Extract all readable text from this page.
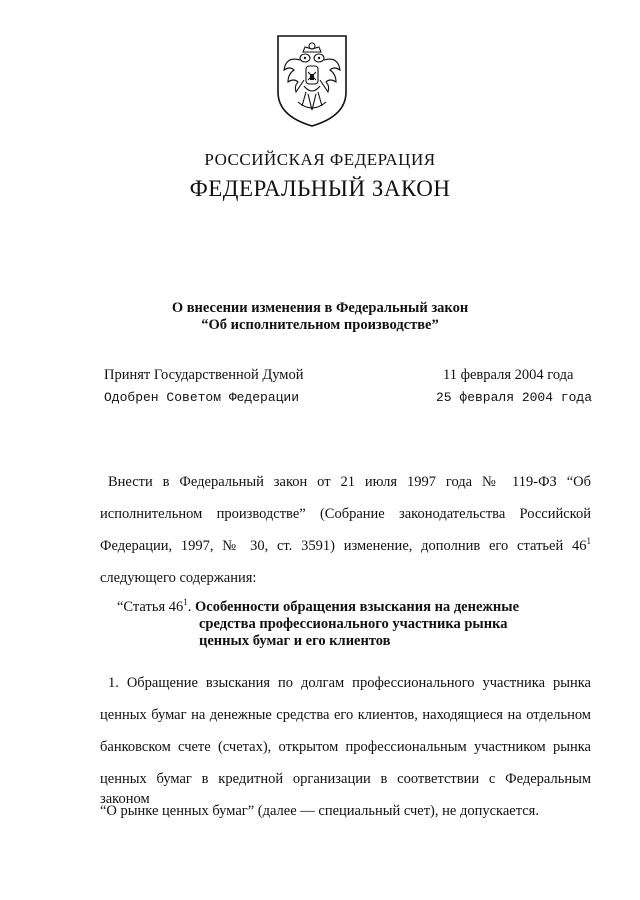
РОССИЙСКАЯ ФЕДЕРАЦИЯ
ФЕДЕРАЛЬНЫЙ ЗАКОН
О внесении изменения в Федеральный закон
“Об исполнительном производстве”
Принят Государственной Думой	11 февраля 2004 года
Одобрен Советом Федерации	25 февраля 2004 года
Внести в Федеральный закон от 21 июля 1997 года № 119-ФЗ “Об
исполнительном производстве” (Собрание законодательства Российской
Федерации, 1997, № 30, ст. 3591) изменение, дополнив его статьей $46^1$
следующего содержания:
“Статья $46^1$. Особенности обращения взыскания на денежные
средства профессионального участника рынка
ценных бумаг и его клиентов
1. Обращение взыскания по долгам профессионального участника рынка
ценных бумаг на денежные средства его клиентов, находящиеся на отдельном
банковском счете (счетах), открытом профессиональным участником рынка
ценных бумаг в кредитной организации в соответствии с Федеральным законом
“О рынке ценных бумаг” (далее — специальный счет), не допускается.
